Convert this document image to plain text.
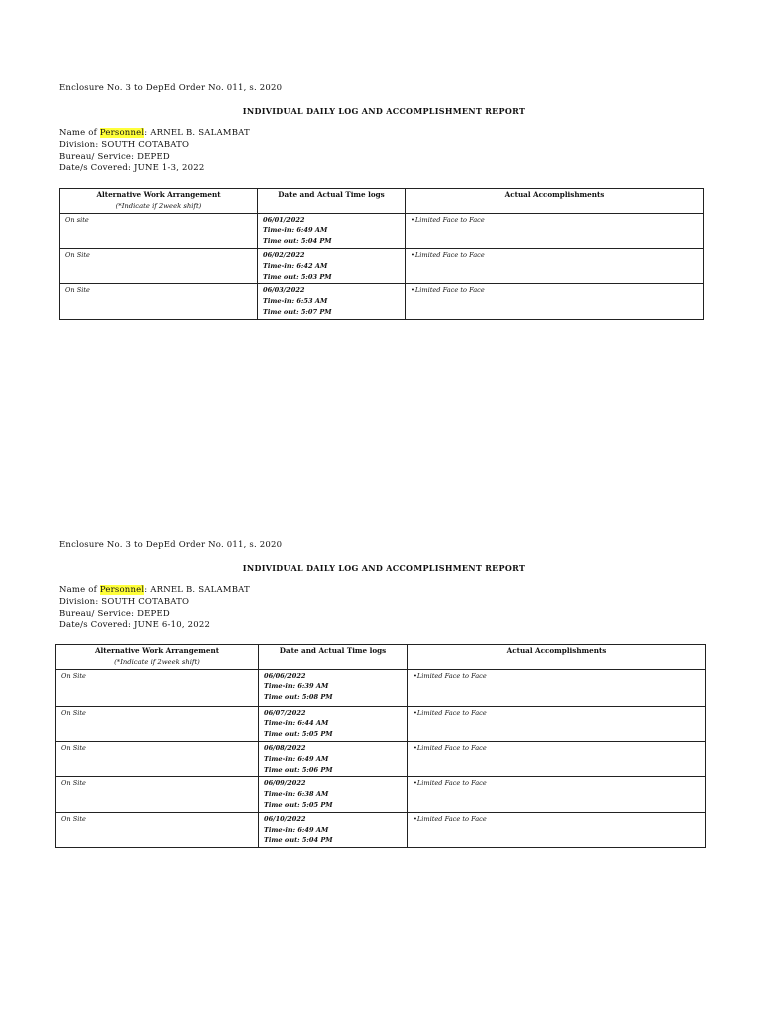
Enclosure No. 3 to DepEd Order No. 011, s. 2020
INDIVIDUAL DAILY LOG AND ACCOMPLISHMENT REPORT
Name of Personnel: ARNEL B. SALAMBAT
Division: SOUTH COTABATO
Bureau/ Service: DEPED
Date/s Covered: JUNE 1-3, 2022
Alternative Work Arrangement
(*Indicate if 2week shift)	Date and Actual Time logs	Actual Accomplishments
On site	06/01/2022
Time-in: 6:49 AM
Time out: 5:04 PM	• Limited Face to Face
On Site	06/02/2022
Time-in: 6:42 AM
Time out: 5:03 PM	• Limited Face to Face
On Site	06/03/2022
Time-in: 6:53 AM
Time out: 5:07 PM	• Limited Face to Face
Enclosure No. 3 to DepEd Order No. 011, s. 2020
INDIVIDUAL DAILY LOG AND ACCOMPLISHMENT REPORT
Name of Personnel: ARNEL B. SALAMBAT
Division: SOUTH COTABATO
Bureau/ Service: DEPED
Date/s Covered: JUNE 6-10, 2022
Alternative Work Arrangement
(*Indicate if 2week shift)	Date and Actual Time logs	Actual Accomplishments
On Site	06/06/2022
Time-in: 6:39 AM
Time out: 5:08 PM	• Limited Face to Face
On Site	06/07/2022
Time-in: 6:44 AM
Time out: 5:05 PM	• Limited Face to Face
On Site	06/08/2022
Time-in: 6:49 AM
Time out: 5:06 PM	• Limited Face to Face
On Site	06/09/2022
Time-in: 6:38 AM
Time out: 5:05 PM	• Limited Face to Face
On Site	06/10/2022
Time-in: 6:49 AM
Time out: 5:04 PM	• Limited Face to Face
